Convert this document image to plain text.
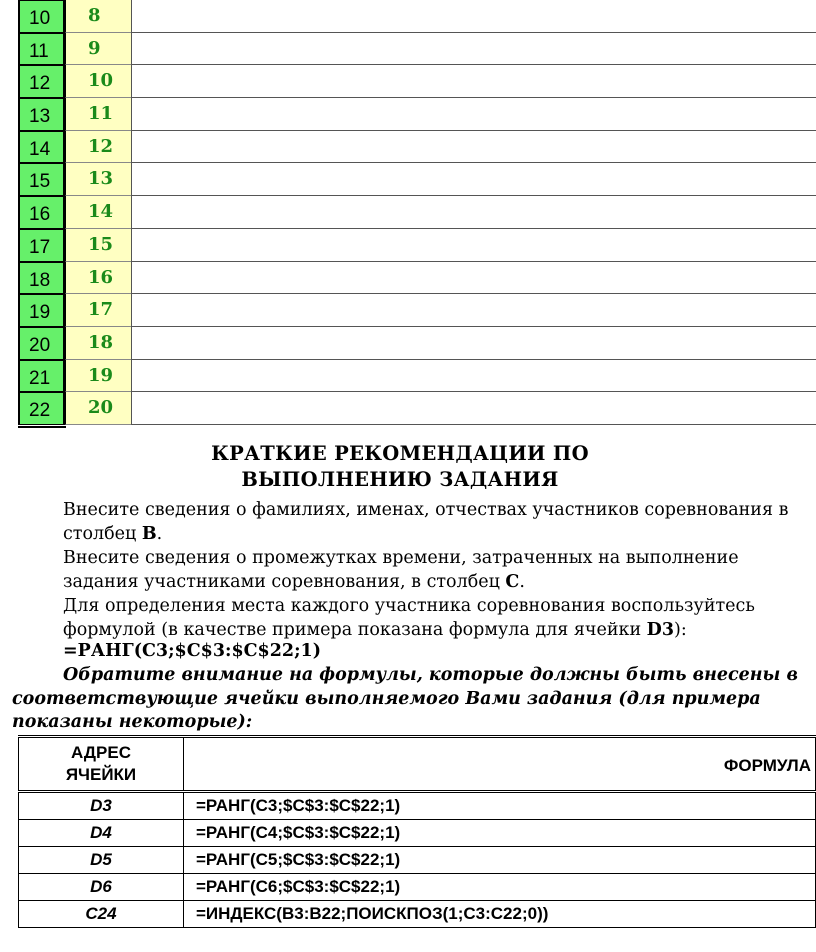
10	8
11	9
12	10
13	11
14	12
15	13
16	14
17	15
18	16
19	17
20	18
21	19
22	20
КРАТКИЕ РЕКОМЕНДАЦИИ ПО
ВЫПОЛНЕНИЮ ЗАДАНИЯ
Внесите сведения о фамилиях, именах, отчествах участников соревнования в столбец B.
Внесите сведения о промежутках времени, затраченных на выполнение задания участниками соревнования, в столбец C.
Для определения места каждого участника соревнования воспользуйтесь формулой (в качестве примера показана формула для ячейки D3):
=РАНГ(C3;$C$3:$C$22;1)
Обратите внимание на формулы, которые должны быть внесены в соответствующие ячейки выполняемого Вами задания (для примера показаны некоторые):
АДРЕС
ЯЧЕЙКИ	ФОРМУЛА
D3	=РАНГ(C3;$C$3:$C$22;1)
D4	=РАНГ(C4;$C$3:$C$22;1)
D5	=РАНГ(C5;$C$3:$C$22;1)
D6	=РАНГ(C6;$C$3:$C$22;1)
C24	=ИНДЕКС(B3:B22;ПОИСКПОЗ(1;C3:C22;0))
